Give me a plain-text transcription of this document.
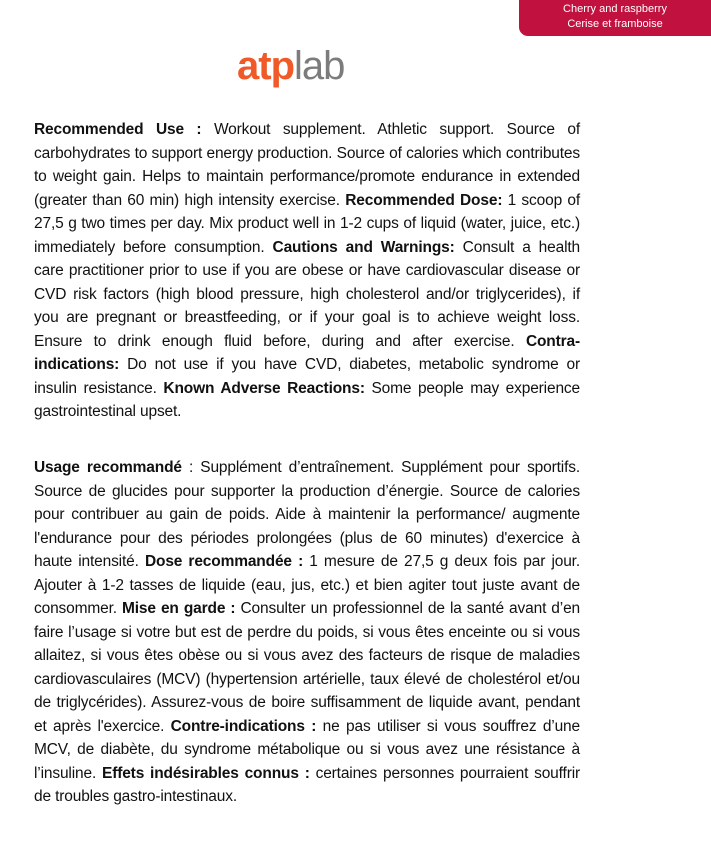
Cherry and raspberry
Cerise et framboise
atplab
Recommended Use : Workout supplement. Athletic support. Source of carbohydrates to support energy production. Source of calories which contributes to weight gain. Helps to maintain performance/promote endurance in extended (greater than 60 min) high intensity exercise. Recommended Dose: 1 scoop of 27,5 g two times per day. Mix product well in 1-2 cups of liquid (water, juice, etc.) immediately before consumption. Cautions and Warnings: Consult a health care practitioner prior to use if you are obese or have cardiovascular disease or CVD risk factors (high blood pressure, high cholesterol and/or triglycerides), if you are pregnant or breastfeeding, or if your goal is to achieve weight loss. Ensure to drink enough fluid before, during and after exercise. Contra-indications: Do not use if you have CVD, diabetes, metabolic syndrome or insulin resistance. Known Adverse Reactions: Some people may experience gastrointestinal upset.
Usage recommandé : Supplément d’entraînement. Supplément pour sportifs. Source de glucides pour supporter la production d’énergie. Source de calories pour contribuer au gain de poids. Aide à maintenir la performance/ augmente l'endurance pour des périodes prolongées (plus de 60 minutes) d'exercice à haute intensité. Dose recommandée : 1 mesure de 27,5 g deux fois par jour. Ajouter à 1-2 tasses de liquide (eau, jus, etc.) et bien agiter tout juste avant de consommer. Mise en garde : Consulter un professionnel de la santé avant d’en faire l’usage si votre but est de perdre du poids, si vous êtes enceinte ou si vous allaitez, si vous êtes obèse ou si vous avez des facteurs de risque de maladies cardiovasculaires (MCV) (hypertension artérielle, taux élevé de cholestérol et/ou de triglycérides). Assurez-vous de boire suffisamment de liquide avant, pendant et après l'exercice. Contre-indications : ne pas utiliser si vous souffrez d’une MCV, de diabète, du syndrome métabolique ou si vous avez une résistance à l’insuline. Effets indésirables connus : certaines personnes pourraient souffrir de troubles gastro-intestinaux.
